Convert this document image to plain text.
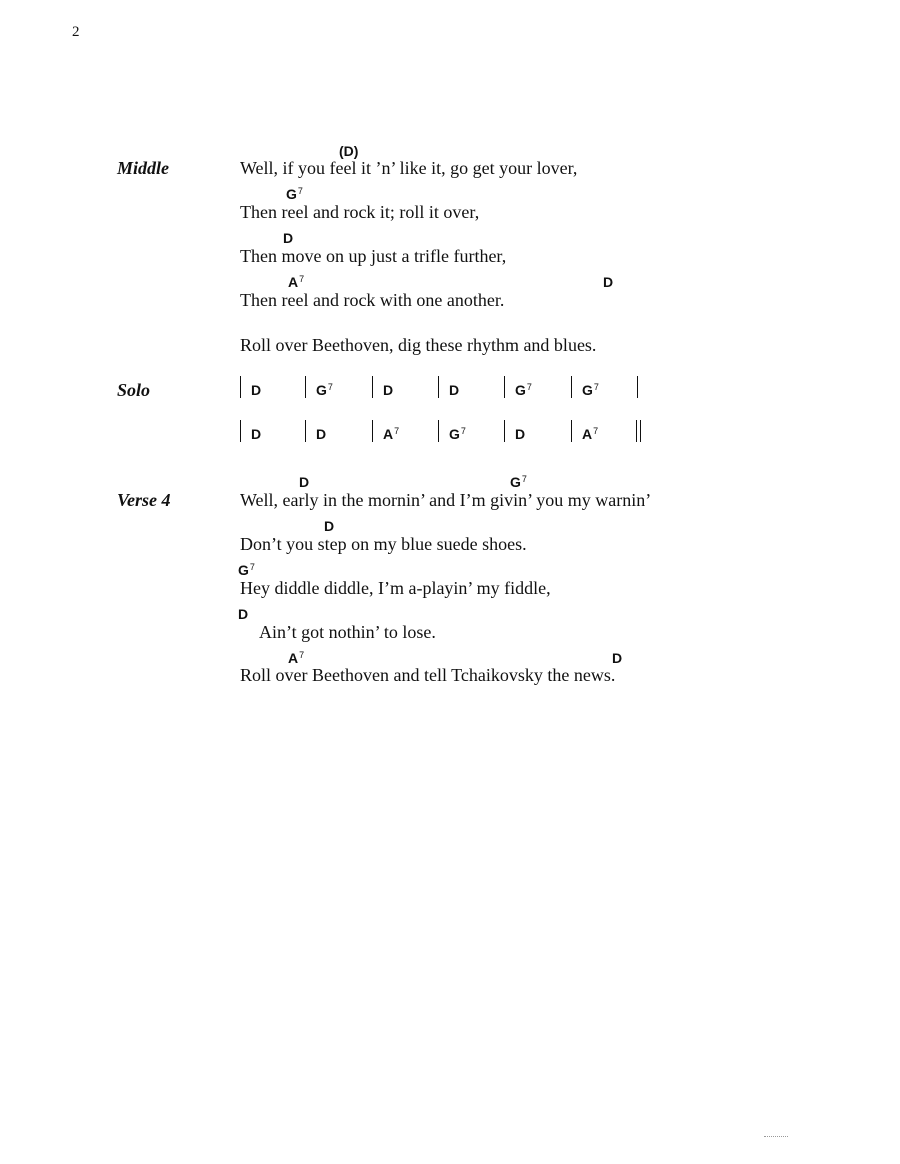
2
Middle
(D)
Well, if you feel it ’n’ like it, go get your lover,
$G^7$
Then reel and rock it; roll it over,
D
Then move on up just a trifle further,
$A^7$	D
Then reel and rock with one another.
Roll over Beethoven, dig these rhythm and blues.
Solo	D	$G^7$	D	D	$G^7$	$G^7$
D	D	$A^7$	$G^7$	D	$A^7$
Verse 4
D	$G^7$
Well, early in the mornin’ and I’m givin’ you my warnin’
D
Don’t you step on my blue suede shoes.
$G^7$
Hey diddle diddle, I’m a-playin’ my fiddle,
D
Ain’t got nothin’ to lose.
$A^7$	D
Roll over Beethoven and tell Tchaikovsky the news.
